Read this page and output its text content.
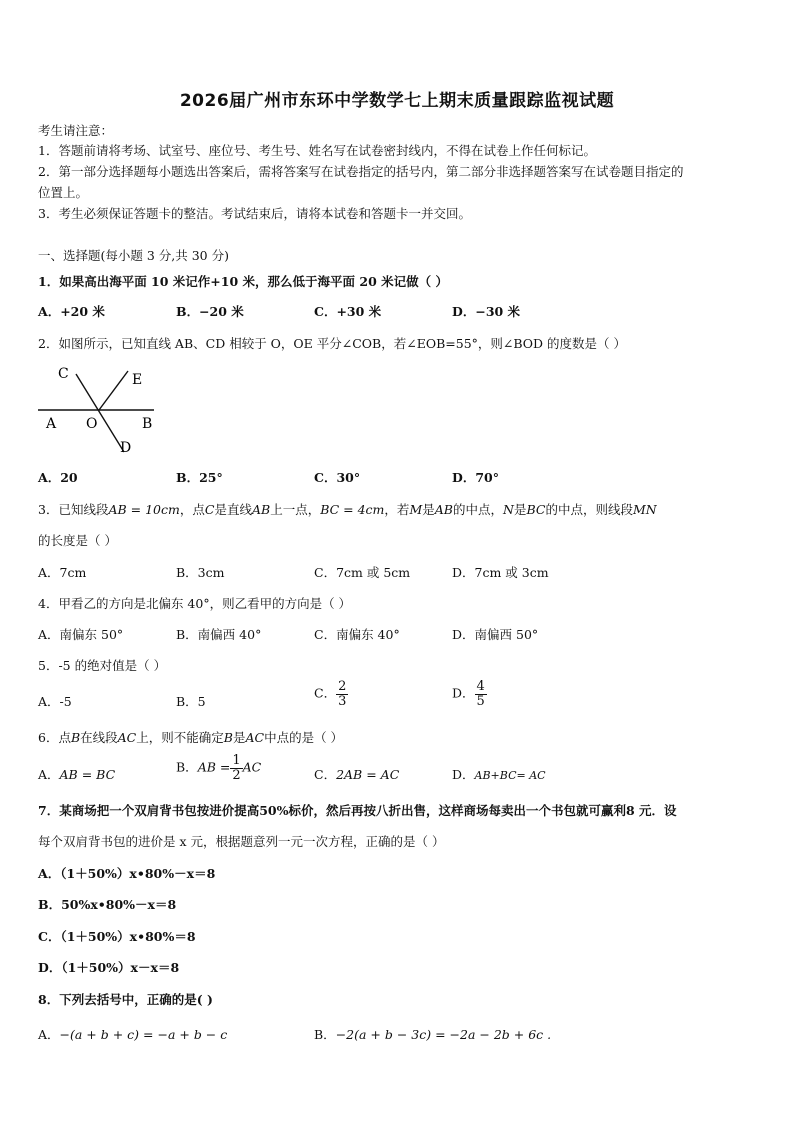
2026届广州市东环中学数学七上期末质量跟踪监视试题
考生请注意：
1．答题前请将考场、试室号、座位号、考生号、姓名写在试卷密封线内，不得在试卷上作任何标记。
2．第一部分选择题每小题选出答案后，需将答案写在试卷指定的括号内，第二部分非选择题答案写在试卷题目指定的
位置上。
3．考生必须保证答题卡的整洁。考试结束后，请将本试卷和答题卡一并交回。
一、选择题(每小题 3 分,共 30 分)
1．如果高出海平面 10 米记作+10 米，那么低于海平面 20 米记做（ ）
A．+20 米	B．−20 米	C．+30 米	D．−30 米
2．如图所示，已知直线 AB、CD 相较于 O，OE 平分∠COB，若∠EOB=55°，则∠BOD 的度数是（ ）
C	E
A O	B
D
A．20	B．25°	C．30°	D．70°
3．已知线段AB = 10cm，点C是直线AB上一点，BC = 4cm，若M是AB的中点，N是BC的中点，则线段MN
的长度是（ ）
A．7cm	B．3cm	C．7cm 或 5cm	D．7cm 或 3cm
4．甲看乙的方向是北偏东 40°，则乙看甲的方向是（ ）
A．南偏东 50°	B．南偏西 40°	C．南偏东 40°	D．南偏西 50°
5．-5 的绝对值是（ ）
A．-5	B．5
C． $\frac{2}{3}$	D． $\frac{4}{5}$
6．点B在线段AC上，则不能确定B是AC中点的是（ ）
A．AB = BC	B．AB = $\frac{1}{2}$ AC	C．2AB = AC	D．AB+BC= AC
7．某商场把一个双肩背书包按进价提高50%标价，然后再按八折出售，这样商场每卖出一个书包就可赢利8 元．设
每个双肩背书包的进价是 x 元，根据题意列一元一次方程，正确的是（ ）
A．（1＋50%）x•80%－x＝8
B．50%x•80%－x＝8
C．（1＋50%）x•80%＝8
D．（1＋50%）x－x＝8
8．下列去括号中，正确的是( )
A．−(a + b + c) = −a + b − c	B．−2(a + b − 3c) = −2a − 2b + 6c .
